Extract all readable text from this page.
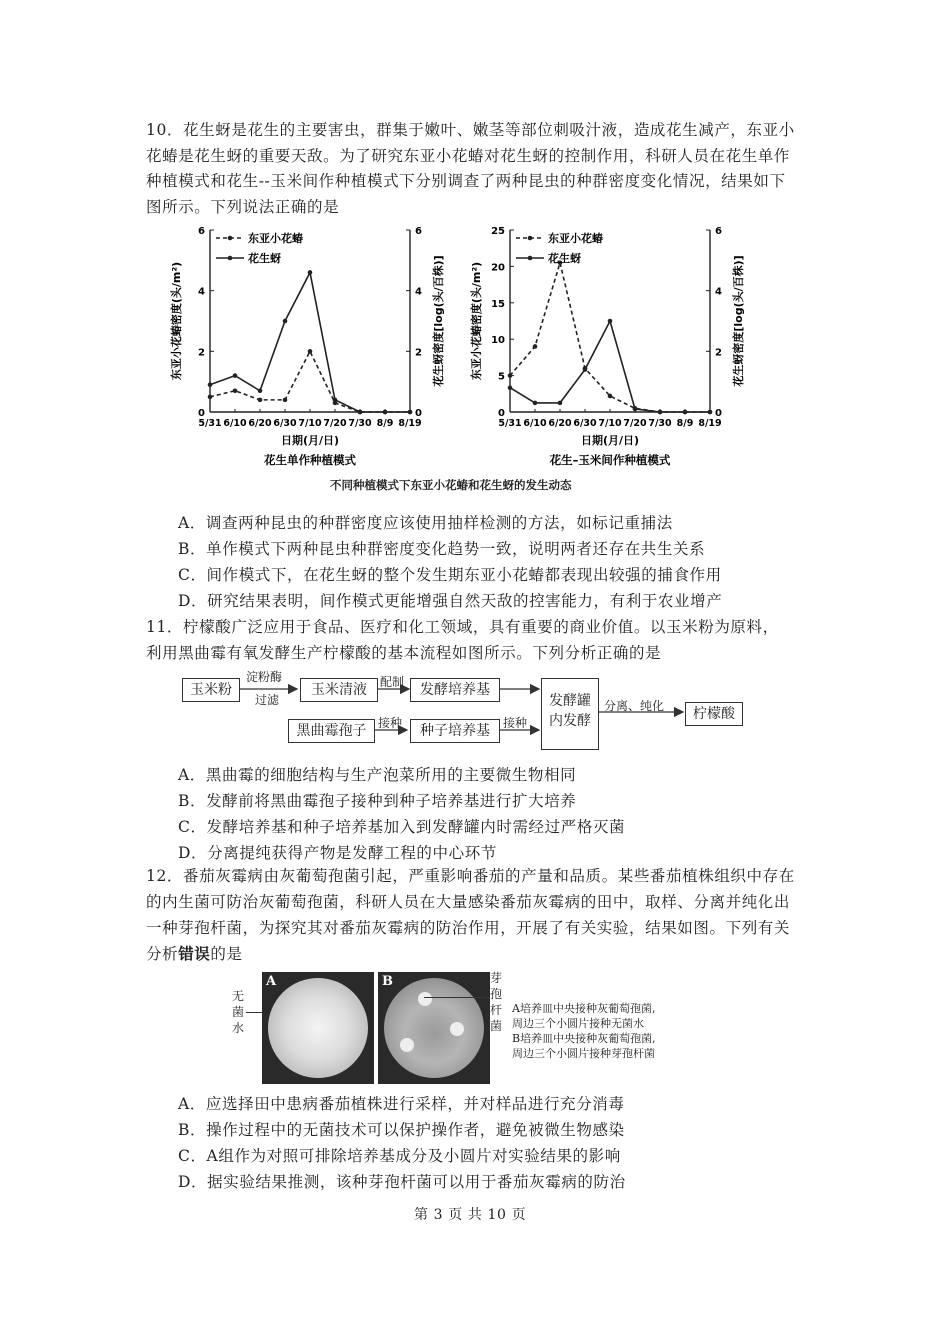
10．花生蚜是花生的主要害虫，群集于嫩叶、嫩茎等部位刺吸汁液，造成花生减产，东亚小
花蝽是花生蚜的重要天敌。为了研究东亚小花蝽对花生蚜的控制作用，科研人员在花生单作
种植模式和花生--玉米间作种植模式下分别调查了两种昆虫的种群密度变化情况，结果如下
图所示。下列说法正确的是
0
2
4
6
0
2
4
6
5/31 6/10 6/20 6/30 7/10 7/20 7/30 8/9 8/19
日期(月/日)
东亚小花蝽密度(头/m²)	花生蚜密度[log(头/百株)]
花生单作种植模式
东亚小花蝽
花生蚜
0
5
10
15
20
25
0
2
4
6
5/31 6/10 6/20 6/30 7/10 7/20 7/30 8/9 8/19
日期(月/日)
东亚小花蝽密度(头/m²)	花生蚜密度[log(头/百株)]
花生–玉米间作种植模式
东亚小花蝽
花生蚜
不同种植模式下东亚小花蝽和花生蚜的发生动态
A．调查两种昆虫的种群密度应该使用抽样检测的方法，如标记重捕法
B．单作模式下两种昆虫种群密度变化趋势一致，说明两者还存在共生关系
C．间作模式下，在花生蚜的整个发生期东亚小花蝽都表现出较强的捕食作用
D．研究结果表明，间作模式更能增强自然天敌的控害能力，有利于农业增产
11．柠檬酸广泛应用于食品、医疗和化工领域，具有重要的商业价值。以玉米粉为原料，
利用黑曲霉有氧发酵生产柠檬酸的基本流程如图所示。下列分析正确的是
玉米粉	玉米清液	发酵培养基
黑曲霉孢子	种子培养基
发酵罐
内发酵	柠檬酸
淀粉酶
过滤
配制
接种	接种
分离、纯化
A．黑曲霉的细胞结构与生产泡菜所用的主要微生物相同
B．发酵前将黑曲霉孢子接种到种子培养基进行扩大培养
C．发酵培养基和种子培养基加入到发酵罐内时需经过严格灭菌
D．分离提纯获得产物是发酵工程的中心环节
12．番茄灰霉病由灰葡萄孢菌引起，严重影响番茄的产量和品质。某些番茄植株组织中存在
的内生菌可防治灰葡萄孢菌，科研人员在大量感染番茄灰霉病的田中，取样、分离并纯化出
一种芽孢杆菌，为探究其对番茄灰霉病的防治作用，开展了有关实验，结果如图。下列有关
分析错误的是
无菌水
A	B	芽孢杆菌
A培养皿中央接种灰葡萄孢菌,
周边三个小圆片接种无菌水
B培养皿中央接种灰葡萄孢菌,
周边三个小圆片接种芽孢杆菌
A．应选择田中患病番茄植株进行采样，并对样品进行充分消毒
B．操作过程中的无菌技术可以保护操作者，避免被微生物感染
C．A组作为对照可排除培养基成分及小圆片对实验结果的影响
D．据实验结果推测，该种芽孢杆菌可以用于番茄灰霉病的防治
第 3 页 共 10 页
